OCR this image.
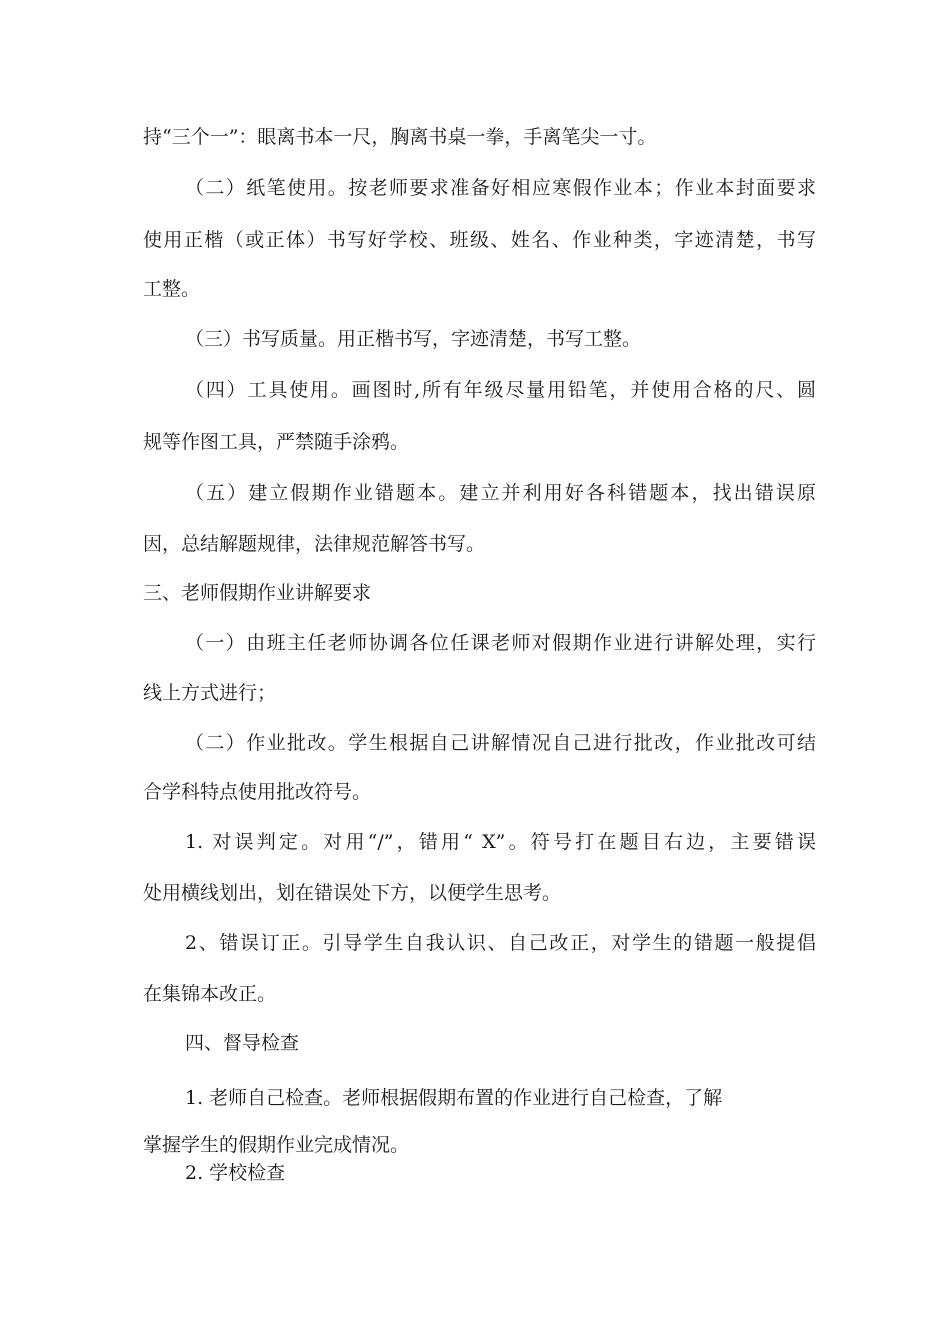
持“三个一”：眼离书本一尺，胸离书桌一拳，手离笔尖一寸。
（二）纸笔使用。按老师要求准备好相应寒假作业本；作业本封面要求
使用正楷（或正体）书写好学校、班级、姓名、作业种类，字迹清楚，书写
工整。
（三）书写质量。用正楷书写，字迹清楚，书写工整。
（四）工具使用。画图时,所有年级尽量用铅笔，并使用合格的尺、圆
规等作图工具，严禁随手涂鸦。
（五）建立假期作业错题本。建立并利用好各科错题本，找出错误原
因，总结解题规律，法律规范解答书写。
三、老师假期作业讲解要求
（一）由班主任老师协调各位任课老师对假期作业进行讲解处理，实行
线上方式进行；
（二）作业批改。学生根据自己讲解情况自己进行批改，作业批改可结
合学科特点使用批改符号。
1. 对误判定。对用“/”，错用“ X”。符号打在题目右边，主要错误
处用横线划出，划在错误处下方，以便学生思考。
2、错误订正。引导学生自我认识、自己改正，对学生的错题一般提倡
在集锦本改正。
四、督导检查
1. 老师自己检查。老师根据假期布置的作业进行自己检查，了解
掌握学生的假期作业完成情况。
2. 学校检查
